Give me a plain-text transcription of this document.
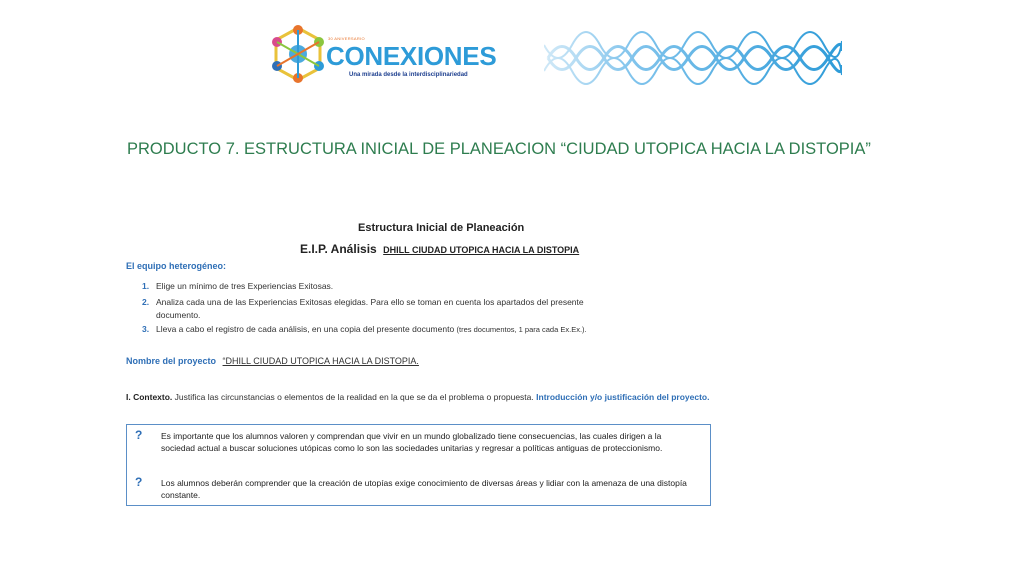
30 ANIVERSARIO
CONEXIONES
Una mirada desde la interdisciplinariedad
PRODUCTO 7. ESTRUCTURA INICIAL DE PLANEACION “CIUDAD UTOPICA HACIA LA DISTOPIA”
Estructura Inicial de Planeación
E.I.P. Análisis DHILL CIUDAD UTOPICA HACIA LA DISTOPIA
El equipo heterogéneo:
1. Elige un mínimo de tres Experiencias Exitosas.
2. Analiza cada una de las Experiencias Exitosas elegidas. Para ello se toman en cuenta los apartados del presente
documento.
3. Lleva a cabo el registro de cada análisis, en una copia del presente documento (tres documentos, 1 para cada Ex.Ex.).
Nombre del proyecto “DHILL CIUDAD UTOPICA HACIA LA DISTOPIA.
I. Contexto. Justifica las circunstancias o elementos de la realidad en la que se da el problema o propuesta. Introducción y/o justificación del proyecto.
? Es importante que los alumnos valoren y comprendan que vivir en un mundo globalizado tiene consecuencias, las cuales dirigen a la sociedad actual a buscar soluciones utópicas como lo son las sociedades unitarias y regresar a políticas antiguas de proteccionismo.
? Los alumnos deberán comprender que la creación de utopías exige conocimiento de diversas áreas y lidiar con la amenaza de una distopía constante.
